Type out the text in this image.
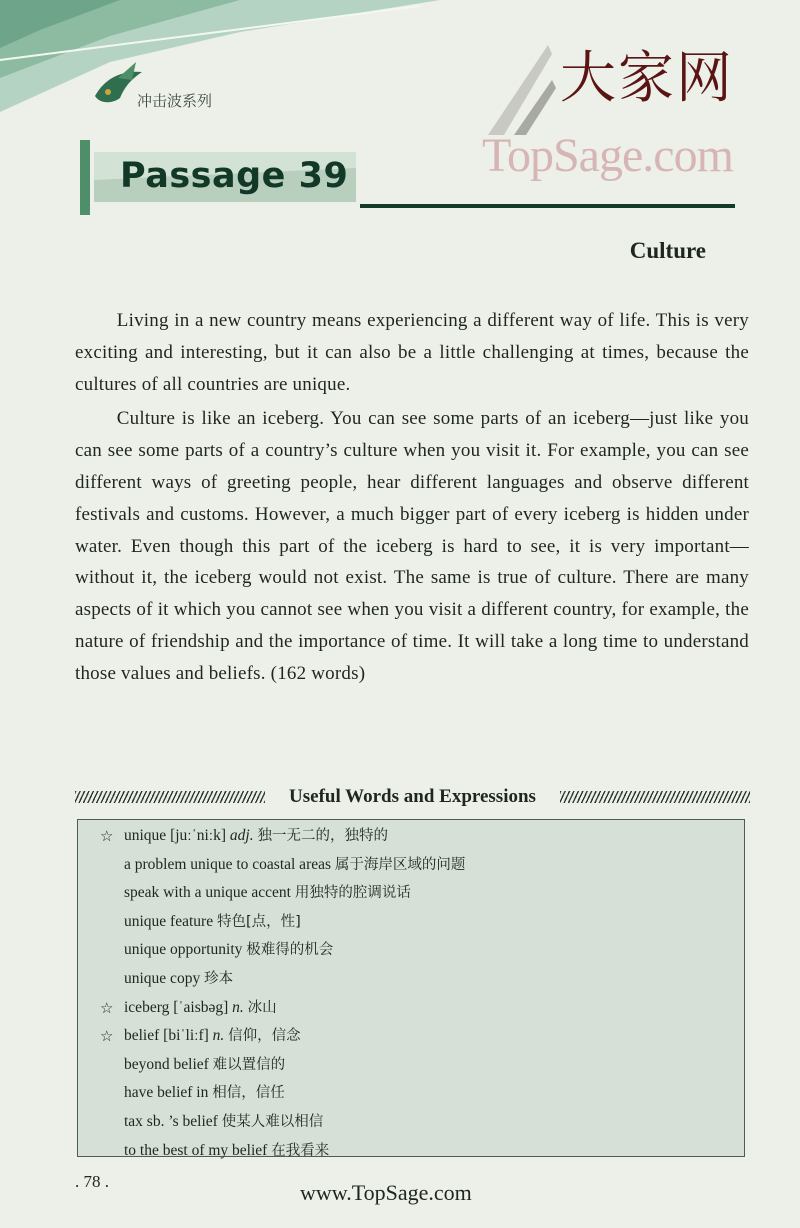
冲击波系列	大家网
TopSage.com
Passage 39
Culture

Living in a new country means experiencing a different way of life. This is very exciting and interesting, but it can also be a little challenging at times, because the cultures of all countries are unique.

Culture is like an iceberg. You can see some parts of an iceberg—just like you can see some parts of a country’s culture when you visit it. For example, you can see different ways of greeting people, hear different languages and observe different festivals and customs. However, a much bigger part of every iceberg is hidden under water. Even though this part of the iceberg is hard to see, it is very important— without it, the iceberg would not exist. The same is true of culture. There are many aspects of it which you cannot see when you visit a different country, for example, the nature of friendship and the importance of time. It will take a long time to understand those values and beliefs. (162 words)

Useful Words and Expressions
☆ unique [juːˈniːk] adj. 独一无二的，独特的
a problem unique to coastal areas 属于海岸区域的问题
speak with a unique accent 用独特的腔调说话
unique feature 特色[点，性]
unique opportunity 极难得的机会
unique copy 珍本
☆ iceberg [ˈaisbəg] n. 冰山
☆ belief [biˈliːf] n. 信仰，信念
beyond belief 难以置信的
have belief in 相信，信任
tax sb. ’s belief 使某人难以相信
to the best of my belief 在我看来
. 78 .	www.TopSage.com
